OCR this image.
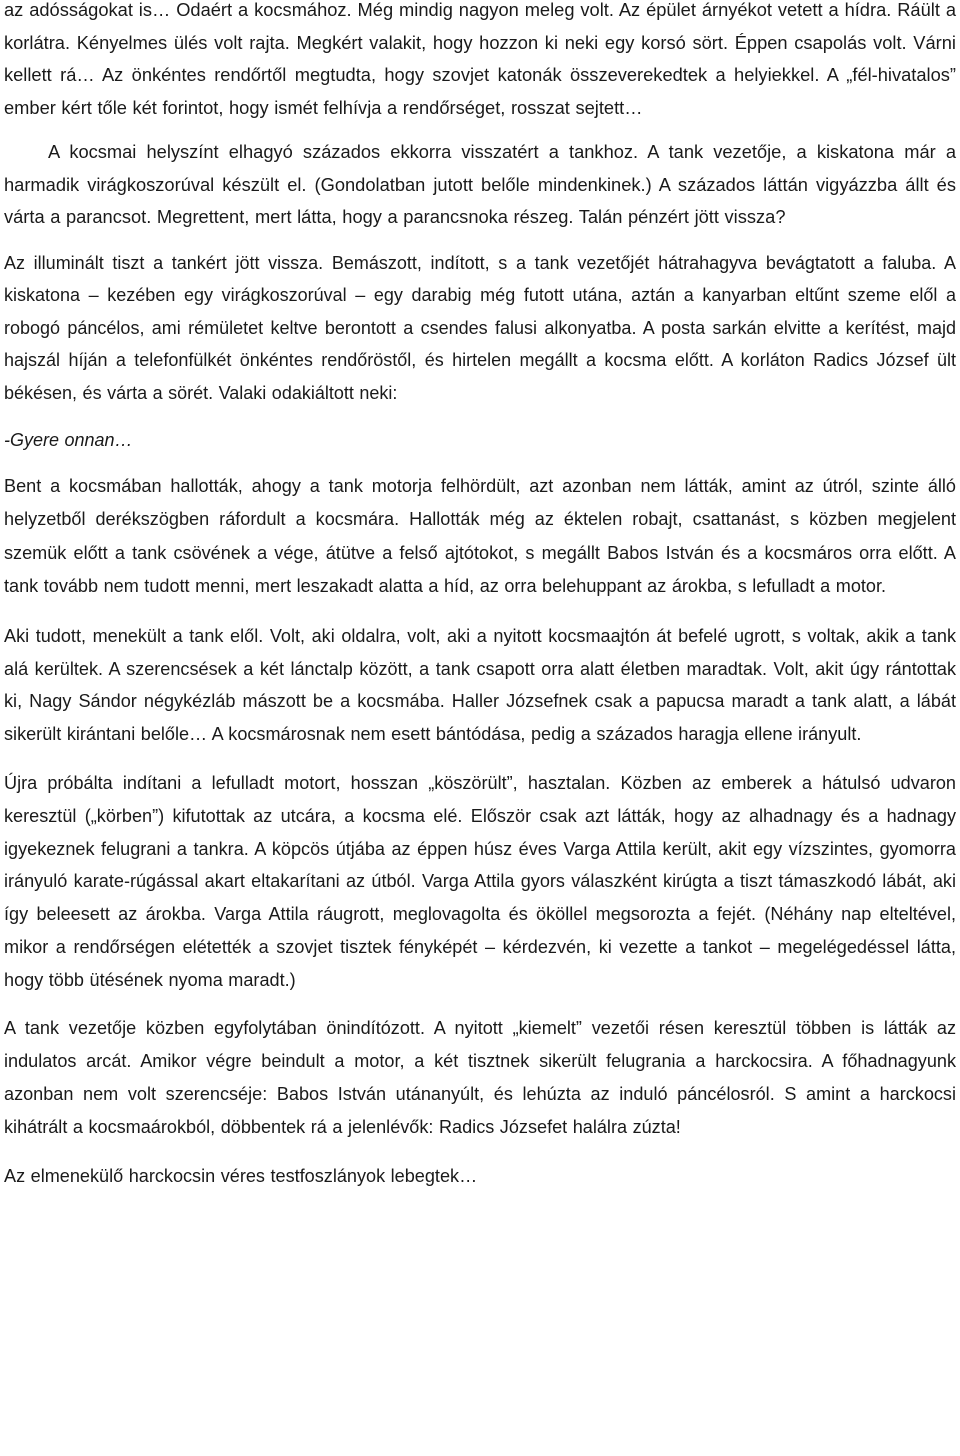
az adósságokat is… Odaért a kocsmához. Még mindig nagyon meleg volt. Az épület árnyékot vetett a hídra. Ráült a korlátra. Kényelmes ülés volt rajta. Megkért valakit, hogy hozzon ki neki egy korsó sört. Éppen csapolás volt. Várni kellett rá… Az önkéntes rendőrtől megtudta, hogy szovjet katonák összeverekedtek a helyiekkel. A „fél-hivatalos” ember kért tőle két forintot, hogy ismét felhívja a rendőrséget, rosszat sejtett…

A kocsmai helyszínt elhagyó százados ekkorra visszatért a tankhoz. A tank vezetője, a kiskatona már a harmadik virágkoszorúval készült el. (Gondolatban jutott belőle mindenkinek.) A százados láttán vigyázzba állt és várta a parancsot. Megrettent, mert látta, hogy a parancsnoka részeg. Talán pénzért jött vissza?

Az illuminált tiszt a tankért jött vissza. Bemászott, indított, s a tank vezetőjét hátrahagyva bevágtatott a faluba. A kiskatona – kezében egy virágkoszorúval – egy darabig még futott utána, aztán a kanyarban eltűnt szeme elől a robogó páncélos, ami rémületet keltve berontott a csendes falusi alkonyatba. A posta sarkán elvitte a kerítést, majd hajszál híján a telefonfülkét önkéntes rendőröstől, és hirtelen megállt a kocsma előtt. A korláton Radics József ült békésen, és várta a sörét. Valaki odakiáltott neki:

-Gyere onnan…

Bent a kocsmában hallották, ahogy a tank motorja felhördült, azt azonban nem látták, amint az útról, szinte álló helyzetből derékszögben ráfordult a kocsmára. Hallották még az éktelen robajt, csattanást, s közben megjelent szemük előtt a tank csövének a vége, átütve a felső ajtótokot, s megállt Babos István és a kocsmáros orra előtt. A tank tovább nem tudott menni, mert leszakadt alatta a híd, az orra belehuppant az árokba, s lefulladt a motor.

Aki tudott, menekült a tank elől. Volt, aki oldalra, volt, aki a nyitott kocsmaajtón át befelé ugrott, s voltak, akik a tank alá kerültek. A szerencsések a két lánctalp között, a tank csapott orra alatt életben maradtak. Volt, akit úgy rántottak ki, Nagy Sándor négykézláb mászott be a kocsmába. Haller Józsefnek csak a papucsa maradt a tank alatt, a lábát sikerült kirántani belőle… A kocsmárosnak nem esett bántódása, pedig a százados haragja ellene irányult.

Újra próbálta indítani a lefulladt motort, hosszan „köszörült”, hasztalan. Közben az emberek a hátulsó udvaron keresztül („körben”) kifutottak az utcára, a kocsma elé. Először csak azt látták, hogy az alhadnagy és a hadnagy igyekeznek felugrani a tankra. A köpcös útjába az éppen húsz éves Varga Attila került, akit egy vízszintes, gyomorra irányuló karate-rúgással akart eltakarítani az útból. Varga Attila gyors válaszként kirúgta a tiszt támaszkodó lábát, aki így beleesett az árokba. Varga Attila ráugrott, meglovagolta és ököllel megsorozta a fejét. (Néhány nap elteltével, mikor a rendőrségen elétették a szovjet tisztek fényképét – kérdezvén, ki vezette a tankot – megelégedéssel látta, hogy több ütésének nyoma maradt.)

A tank vezetője közben egyfolytában önindítózott. A nyitott „kiemelt” vezetői résen keresztül többen is látták az indulatos arcát. Amikor végre beindult a motor, a két tisztnek sikerült felugrania a harckocsira. A főhadnagyunk azonban nem volt szerencséje: Babos István utánanyúlt, és lehúzta az induló páncélosról. S amint a harckocsi kihátrált a kocsmaárokból, döbbentek rá a jelenlévők: Radics Józsefet halálra zúzta!

Az elmenekülő harckocsin véres testfoszlányok lebegtek…
